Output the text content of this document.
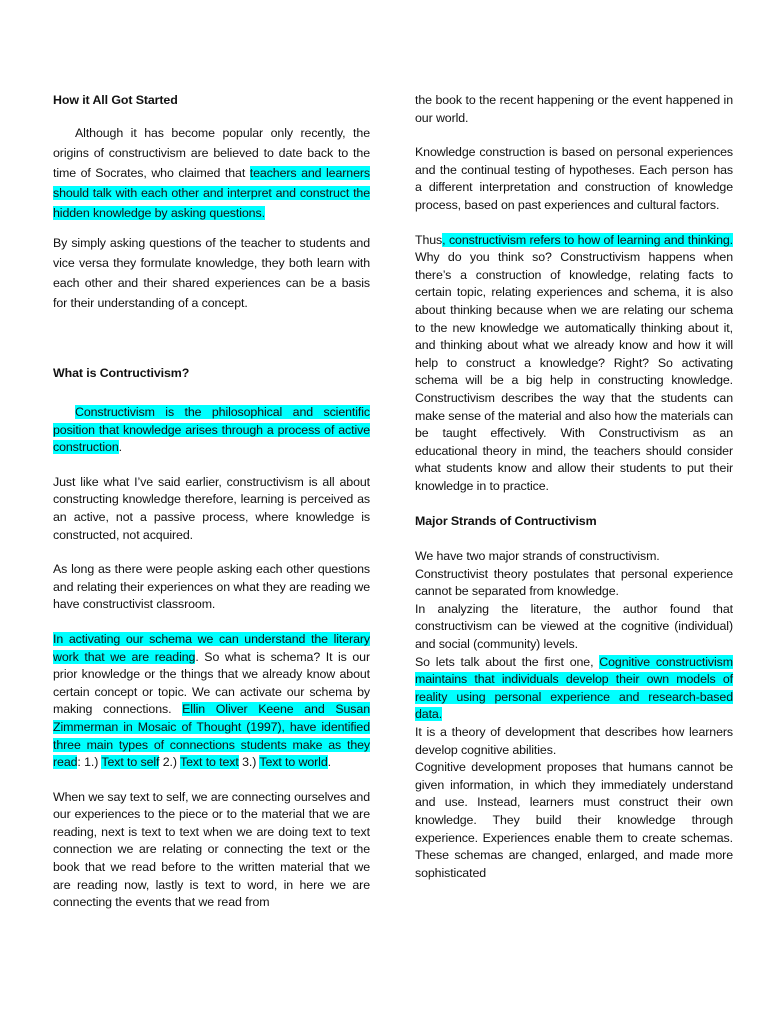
How it All Got Started

Although it has become popular only recently, the origins of constructivism are believed to date back to the time of Socrates, who claimed that teachers and learners should talk with each other and interpret and construct the hidden knowledge by asking questions.

By simply asking questions of the teacher to students and vice versa they formulate knowledge, they both learn with each other and their shared experiences can be a basis for their understanding of a concept.

What is Contructivism?

Constructivism is the philosophical and scientific position that knowledge arises through a process of active construction.

Just like what I’ve said earlier, constructivism is all about constructing knowledge therefore, learning is perceived as an active, not a passive process, where knowledge is constructed, not acquired.

As long as there were people asking each other questions and relating their experiences on what they are reading we have constructivist classroom.

In activating our schema we can understand the literary work that we are reading. So what is schema? It is our prior knowledge or the things that we already know about certain concept or topic. We can activate our schema by making connections. Ellin Oliver Keene and Susan Zimmerman in Mosaic of Thought (1997), have identified three main types of connections students make as they read: 1.) Text to self 2.) Text to text 3.) Text to world.

When we say text to self, we are connecting ourselves and our experiences to the piece or to the material that we are reading, next is text to text when we are doing text to text connection we are relating or connecting the text or the book that we read before to the written material that we are reading now, lastly is text to word, in here we are connecting the events that we read from

the book to the recent happening or the event happened in our world.

Knowledge construction is based on personal experiences and the continual testing of hypotheses. Each person has a different interpretation and construction of knowledge process, based on past experiences and cultural factors.

Thus, constructivism refers to how of learning and thinking. Why do you think so? Constructivism happens when there’s a construction of knowledge, relating facts to certain topic, relating experiences and schema, it is also about thinking because when we are relating our schema to the new knowledge we automatically thinking about it, and thinking about what we already know and how it will help to construct a knowledge? Right? So activating schema will be a big help in constructing knowledge. Constructivism describes the way that the students can make sense of the material and also how the materials can be taught effectively. With Constructivism as an educational theory in mind, the teachers should consider what students know and allow their students to put their knowledge in to practice.

Major Strands of Contructivism

We have two major strands of constructivism.

Constructivist theory postulates that personal experience cannot be separated from knowledge.

In analyzing the literature, the author found that constructivism can be viewed at the cognitive (individual) and social (community) levels.

So lets talk about the first one, Cognitive constructivism maintains that individuals develop their own models of reality using personal experience and research-based data.

It is a theory of development that describes how learners develop cognitive abilities.

Cognitive development proposes that humans cannot be given information, in which they immediately understand and use. Instead, learners must construct their own knowledge. They build their knowledge through experience. Experiences enable them to create schemas. These schemas are changed, enlarged, and made more sophisticated
